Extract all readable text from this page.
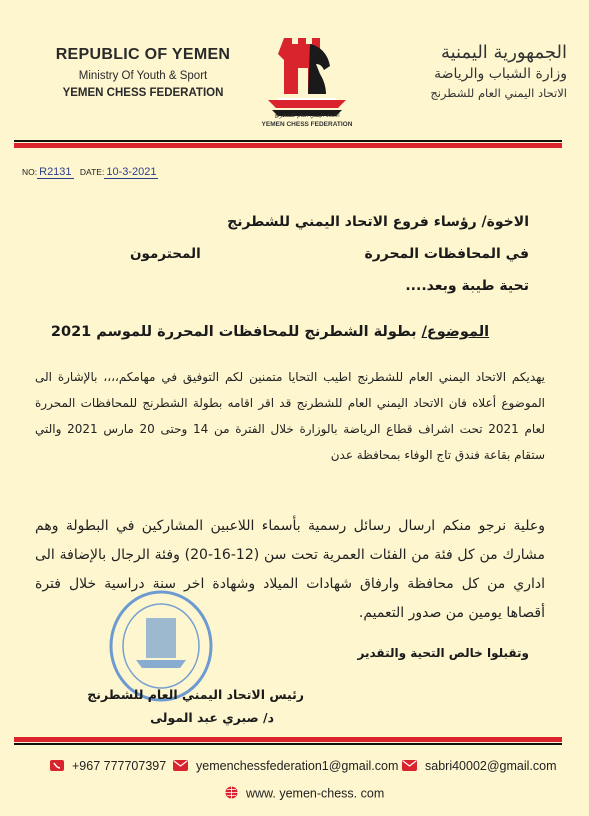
REPUBLIC OF YEMEN
Ministry Of Youth & Sport
YEMEN CHESS FEDERATION
الاتحاد اليمني العام للشطرنج
YEMEN CHESS FEDERATION
الجمهورية اليمنية
وزارة الشباب والرياضة
الاتحاد اليمني العام للشطرنج
NO: R2131 DATE: 10-3-2021
الاخوة/ رؤساء فروع الاتحاد اليمني للشطرنج
في المحافظات المحررة
المحترمون
تحية طيبة وبعد....
الموضوع/ بطولة الشطرنج للمحافظات المحررة للموسم 2021
يهديكم الاتحاد اليمني العام للشطرنج اطيب التحايا متمنين لكم التوفيق في مهامكم،،،، بالإشارة الى الموضوع أعلاه فان الاتحاد اليمني العام للشطرنج قد اقر اقامه بطولة الشطرنج للمحافظات المحررة لعام 2021 تحت اشراف قطاع الرياضة بالوزارة خلال الفترة من 14 وحتى 20 مارس 2021 والتي ستقام بقاعة فندق تاج الوفاء بمحافظة عدن
وعلية نرجو منكم ارسال رسائل رسمية بأسماء اللاعبين المشاركين في البطولة وهم مشارك من كل فئة من الفئات العمرية تحت سن (12-16-20) وفئة الرجال بالإضافة الى اداري من كل محافظة وارفاق شهادات الميلاد وشهادة اخر سنة دراسية خلال فترة أقصاها يومين من صدور التعميم.
وتقبلوا خالص التحية والتقدير
رئيس الاتحاد اليمني العام للشطرنج
د/ صبري عبد المولى
+967 777707397	yemenchessfederation1@gmail.com	sabri40002@gmail.com
www. yemen-chess. com
